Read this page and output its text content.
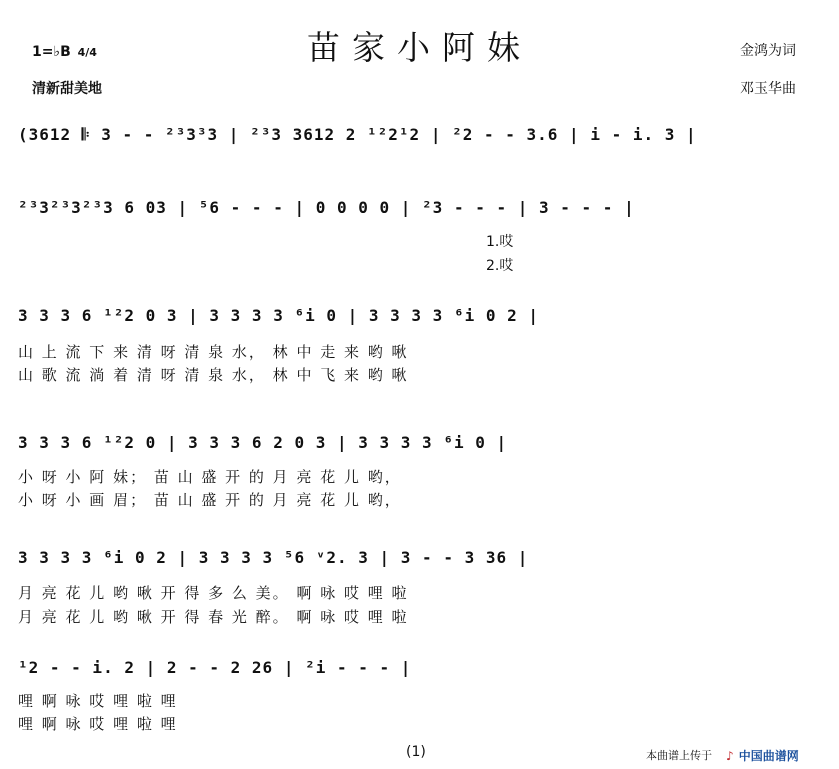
苗家小阿妹
1=♭B 4/4
清新甜美地
金鸿为词
邓玉华曲
(3612 𝄆 3 - - ²³3³3 | ²³3 3612 2 ¹²2¹2 | ²2 - - 3.6 | i - i. 3 |
²³3²³3²³3 6 03 | ⁵6 - - - | 0 0 0 0 | ²3 - - - | 3 - - - |
1.哎
2.哎
3 3 3 6 ¹²2 0 3 | 3 3 3 3 ⁶i 0 | 3 3 3 3 ⁶i 0 2 |
山 上 流 下 来 清 呀 清 泉 水， 林 中 走 来 哟 啾
山 歌 流 淌 着 清 呀 清 泉 水， 林 中 飞 来 哟 啾
3 3 3 6 ¹²2 0 | 3 3 3 6 2 0 3 | 3 3 3 3 ⁶i 0 |
小 呀 小 阿 妹； 苗 山 盛 开 的 月 亮 花 儿 哟，
小 呀 小 画 眉； 苗 山 盛 开 的 月 亮 花 儿 哟，
3 3 3 3 ⁶i 0 2 | 3 3 3 3 ⁵6 ᵛ2. 3 | 3 - - 3 36 |
月 亮 花 儿 哟 啾 开 得 多 么 美。 啊 咏 哎 哩 啦
月 亮 花 儿 哟 啾 开 得 春 光 醉。 啊 咏 哎 哩 啦
¹2 - - i. 2 | 2 - - 2 26 | ²i - - - |
哩 啊 咏 哎 哩 啦 哩
哩 啊 咏 哎 哩 啦 哩
(1)	本曲谱上传于 ♪ 中国曲谱网
